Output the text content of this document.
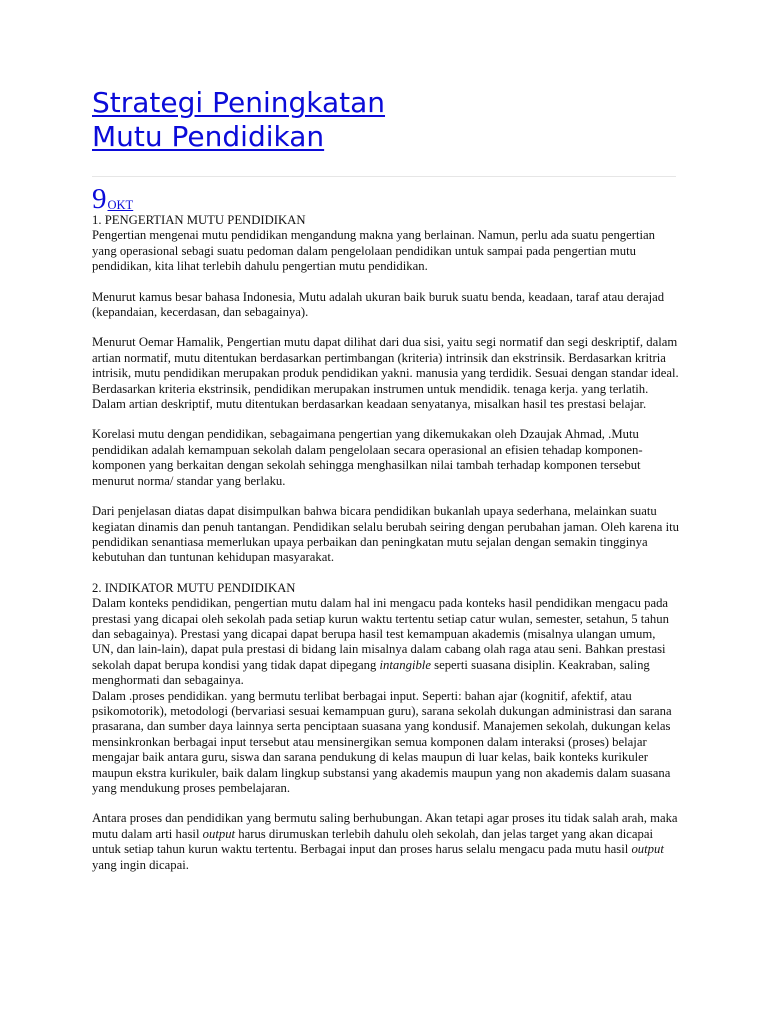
Strategi Peningkatan
Mutu Pendidikan
9 OKT
1. PENGERTIAN MUTU PENDIDIKAN

Pengertian mengenai mutu pendidikan mengandung makna yang berlainan. Namun, perlu ada suatu pengertian yang operasional sebagi suatu pedoman dalam pengelolaan pendidikan untuk sampai pada pengertian mutu pendidikan, kita lihat terlebih dahulu pengertian mutu pendidikan.

Menurut kamus besar bahasa Indonesia, Mutu adalah ukuran baik buruk suatu benda, keadaan, taraf atau derajad (kepandaian, kecerdasan, dan sebagainya).

Menurut Oemar Hamalik, Pengertian mutu dapat dilihat dari dua sisi, yaitu segi normatif dan segi deskriptif, dalam artian normatif, mutu ditentukan berdasarkan pertimbangan (kriteria) intrinsik dan ekstrinsik. Berdasarkan kritria intrisik, mutu pendidikan merupakan produk pendidikan yakni. manusia yang terdidik. Sesuai dengan standar ideal. Berdasarkan kriteria ekstrinsik, pendidikan merupakan instrumen untuk mendidik. tenaga kerja. yang terlatih. Dalam artian deskriptif, mutu ditentukan berdasarkan keadaan senyatanya, misalkan hasil tes prestasi belajar.

Korelasi mutu dengan pendidikan, sebagaimana pengertian yang dikemukakan oleh Dzaujak Ahmad, .Mutu pendidikan adalah kemampuan sekolah dalam pengelolaan secara operasional an efisien tehadap komponen-komponen yang berkaitan dengan sekolah sehingga menghasilkan nilai tambah terhadap komponen tersebut menurut norma/ standar yang berlaku.

Dari penjelasan diatas dapat disimpulkan bahwa bicara pendidikan bukanlah upaya sederhana, melainkan suatu kegiatan dinamis dan penuh tantangan. Pendidikan selalu berubah seiring dengan perubahan jaman. Oleh karena itu pendidikan senantiasa memerlukan upaya perbaikan dan peningkatan mutu sejalan dengan semakin tingginya kebutuhan dan tuntunan kehidupan masyarakat.

2. INDIKATOR MUTU PENDIDIKAN

Dalam konteks pendidikan, pengertian mutu dalam hal ini mengacu pada konteks hasil pendidikan mengacu pada prestasi yang dicapai oleh sekolah pada setiap kurun waktu tertentu setiap catur wulan, semester, setahun, 5 tahun dan sebagainya). Prestasi yang dicapai dapat berupa hasil test kemampuan akademis (misalnya ulangan umum, UN, dan lain-lain), dapat pula prestasi di bidang lain misalnya dalam cabang olah raga atau seni. Bahkan prestasi sekolah dapat berupa kondisi yang tidak dapat dipegang intangible seperti suasana disiplin. Keakraban, saling menghormati dan sebagainya.

Dalam .proses pendidikan. yang bermutu terlibat berbagai input. Seperti: bahan ajar (kognitif, afektif, atau psikomotorik), metodologi (bervariasi sesuai kemampuan guru), sarana sekolah dukungan administrasi dan sarana prasarana, dan sumber daya lainnya serta penciptaan suasana yang kondusif. Manajemen sekolah, dukungan kelas mensinkronkan berbagai input tersebut atau mensinergikan semua komponen dalam interaksi (proses) belajar mengajar baik antara guru, siswa dan sarana pendukung di kelas maupun di luar kelas, baik konteks kurikuler maupun ekstra kurikuler, baik dalam lingkup substansi yang akademis maupun yang non akademis dalam suasana yang mendukung proses pembelajaran.

Antara proses dan pendidikan yang bermutu saling berhubungan. Akan tetapi agar proses itu tidak salah arah, maka mutu dalam arti hasil output harus dirumuskan terlebih dahulu oleh sekolah, dan jelas target yang akan dicapai untuk setiap tahun kurun waktu tertentu. Berbagai input dan proses harus selalu mengacu pada mutu hasil output yang ingin dicapai.
